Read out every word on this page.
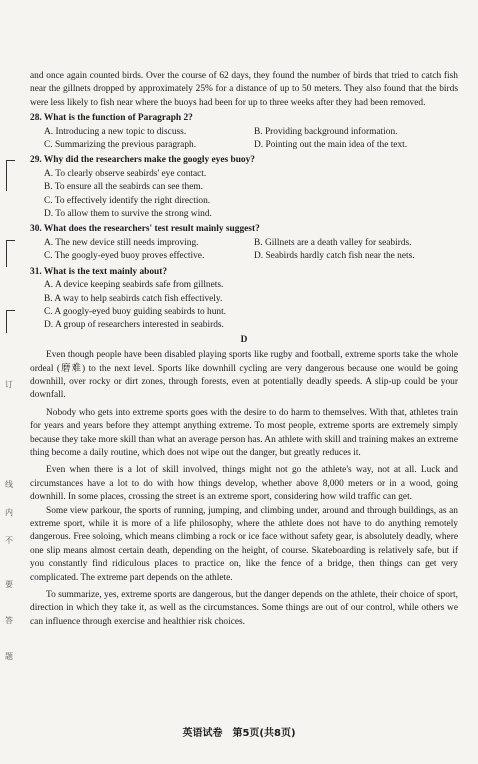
订
线
内
不
要
答
题

and once again counted birds. Over the course of 62 days, they found the number of birds that tried to catch fish near the gillnets dropped by approximately 25% for a distance of up to 50 meters. They also found that the birds were less likely to fish near where the buoys had been for up to three weeks after they had been removed.

28. What is the function of Paragraph 2?
A. Introducing a new topic to discuss.	B. Providing background information.
C. Summarizing the previous paragraph.	D. Pointing out the main idea of the text.
29. Why did the researchers make the googly eyes buoy?
A. To clearly observe seabirds' eye contact.
B. To ensure all the seabirds can see them.
C. To effectively identify the right direction.
D. To allow them to survive the strong wind.
30. What does the researchers' test result mainly suggest?
A. The new device still needs improving.	B. Gillnets are a death valley for seabirds.
C. The googly-eyed buoy proves effective.	D. Seabirds hardly catch fish near the nets.
31. What is the text mainly about?
A. A device keeping seabirds safe from gillnets.
B. A way to help seabirds catch fish effectively.
C. A googly-eyed buoy guiding seabirds to hunt.
D. A group of researchers interested in seabirds.
D

Even though people have been disabled playing sports like rugby and football, extreme sports take the whole ordeal (磨难) to the next level. Sports like downhill cycling are very dangerous because one would be going downhill, over rocky or dirt zones, through forests, even at potentially deadly speeds. A slip-up could be your downfall.

Nobody who gets into extreme sports goes with the desire to do harm to themselves. With that, athletes train for years and years before they attempt anything extreme. To most people, extreme sports are extremely simply because they take more skill than what an average person has. An athlete with skill and training makes an extreme thing become a daily routine, which does not wipe out the danger, but greatly reduces it.

Even when there is a lot of skill involved, things might not go the athlete's way, not at all. Luck and circumstances have a lot to do with how things develop, whether above 8,000 meters or in a wood, going downhill. In some places, crossing the street is an extreme sport, considering how wild traffic can get.

Some view parkour, the sports of running, jumping, and climbing under, around and through buildings, as an extreme sport, while it is more of a life philosophy, where the athlete does not have to do anything remotely dangerous. Free soloing, which means climbing a rock or ice face without safety gear, is absolutely deadly, where one slip means almost certain death, depending on the height, of course. Skateboarding is relatively safe, but if you constantly find ridiculous places to practice on, like the fence of a bridge, then things can get very complicated. The extreme part depends on the athlete.

To summarize, yes, extreme sports are dangerous, but the danger depends on the athlete, their choice of sport, direction in which they take it, as well as the circumstances. Some things are out of our control, while others we can influence through exercise and healthier risk choices.

英语试卷　第5页(共8页)
